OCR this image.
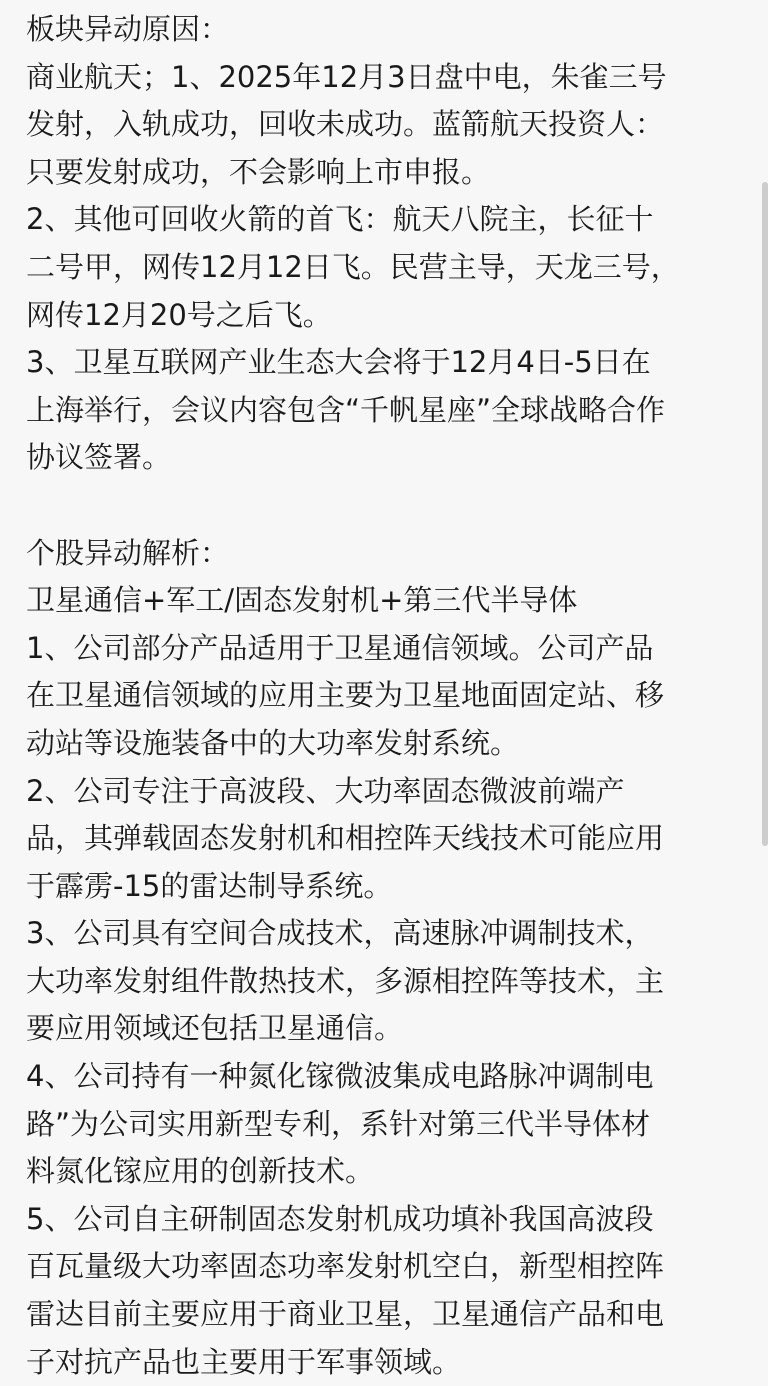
板块异动原因：
商业航天；1、2025年12月3日盘中电，朱雀三号
发射，入轨成功，回收未成功。蓝箭航天投资人：
只要发射成功，不会影响上市申报。
2、其他可回收火箭的首飞：航天八院主，长征十
二号甲，网传12月12日飞。民营主导，天龙三号，
网传12月20号之后飞。
3、卫星互联网产业生态大会将于12月4日-5日在
上海举行，会议内容包含“千帆星座”全球战略合作
协议签署。
个股异动解析：
卫星通信+军工/固态发射机+第三代半导体
1、公司部分产品适用于卫星通信领域。公司产品
在卫星通信领域的应用主要为卫星地面固定站、移
动站等设施装备中的大功率发射系统。
2、公司专注于高波段、大功率固态微波前端产
品，其弹载固态发射机和相控阵天线技术可能应用
于霹雳-15的雷达制导系统。
3、公司具有空间合成技术，高速脉冲调制技术，
大功率发射组件散热技术，多源相控阵等技术，主
要应用领域还包括卫星通信。
4、公司持有一种氮化镓微波集成电路脉冲调制电
路”为公司实用新型专利，系针对第三代半导体材
料氮化镓应用的创新技术。
5、公司自主研制固态发射机成功填补我国高波段
百瓦量级大功率固态功率发射机空白，新型相控阵
雷达目前主要应用于商业卫星，卫星通信产品和电
子对抗产品也主要用于军事领域。
